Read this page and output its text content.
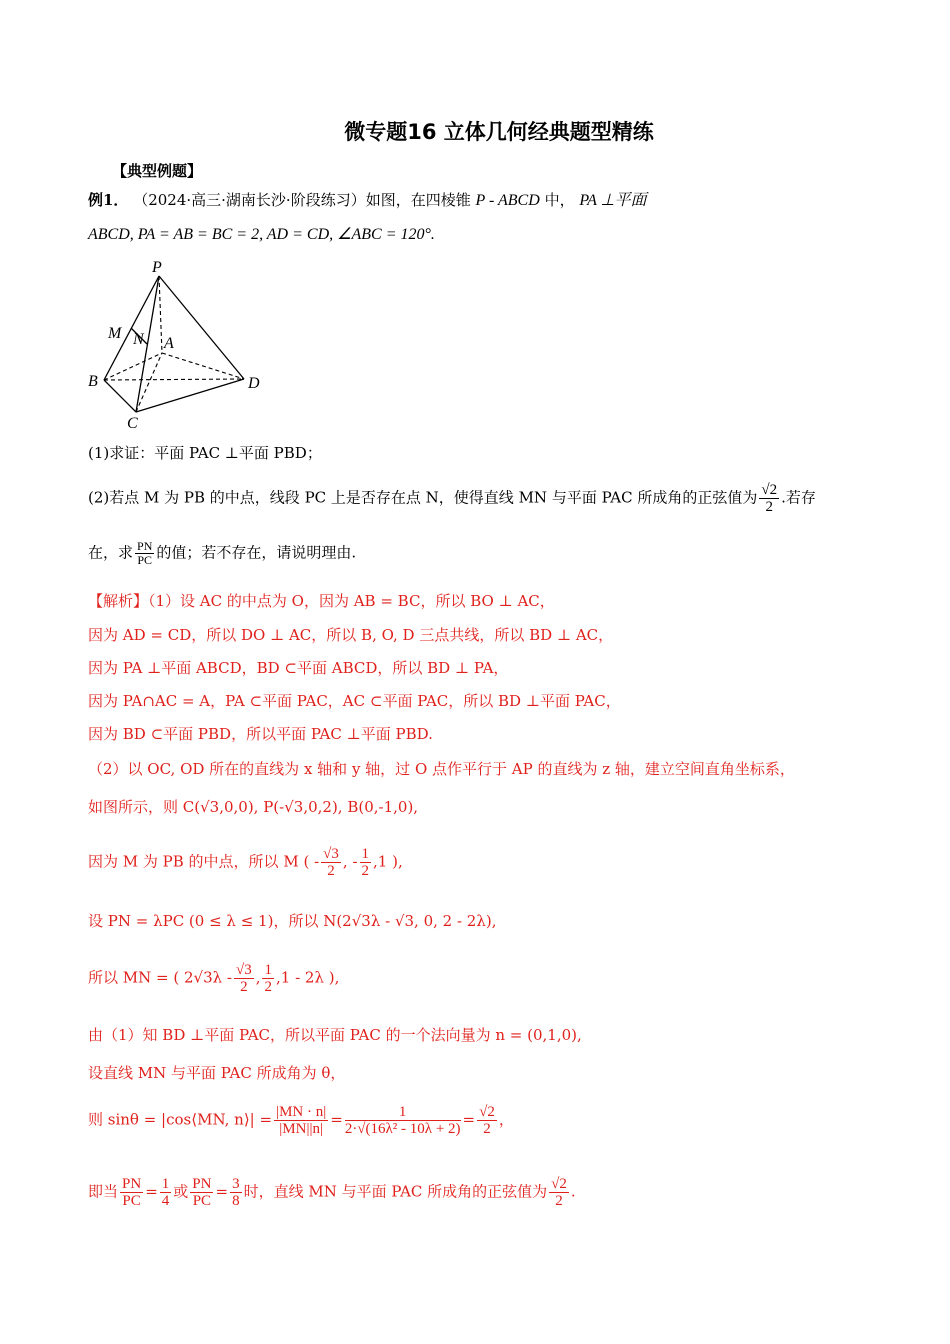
微专题16 立体几何经典题型精练
【典型例题】
例1． （2024·高三·湖南长沙·阶段练习）如图，在四棱锥 P - ABCD 中， PA ⊥平面
ABCD, PA = AB = BC = 2, AD = CD, ∠ABC = 120°.
P
M N A
B
C
D
(1)求证：平面 PAC ⊥平面 PBD；
(2)若点 M 为 PB 的中点，线段 PC 上是否存在点 N，使得直线 MN 与平面 PAC 所成角的正弦值为 $\frac{√2}{2}$ .若存
在，求 $\frac{PN}{PC}$ 的值；若不存在，请说明理由.
【解析】（1）设 AC 的中点为 O，因为 AB = BC，所以 BO ⊥ AC，
因为 AD = CD，所以 DO ⊥ AC，所以 B, O, D 三点共线，所以 BD ⊥ AC，
因为 PA ⊥平面 ABCD，BD ⊂平面 ABCD，所以 BD ⊥ PA，
因为 PA∩AC = A，PA ⊂平面 PAC，AC ⊂平面 PAC，所以 BD ⊥平面 PAC，
因为 BD ⊂平面 PBD，所以平面 PAC ⊥平面 PBD.
（2）以 OC, OD 所在的直线为 x 轴和 y 轴，过 O 点作平行于 AP 的直线为 z 轴，建立空间直角坐标系，
如图所示，则 C(√3,0,0), P(-√3,0,2), B(0,-1,0),
因为 M 为 PB 的中点，所以 M ( - $\frac{√3}{2}$ , - $\frac{1}{2} ,1$ ),
设 PN = λPC (0 ≤ λ ≤ 1)，所以 N(2√3λ - √3, 0, 2 - 2λ),
所以 MN = ( $2√3\lambda - \frac{√3}{2}$ , $\frac{1}{2} ,1 - 2\lambda$ ),
由（1）知 BD ⊥平面 PAC，所以平面 PAC 的一个法向量为 n = (0,1,0),
设直线 MN 与平面 PAC 所成角为 θ，
则 sinθ = |cos⟨MN, n⟩| = $\frac{|MN \cdot n|}{|MN||n|} = \frac{1}{\text{2·√(16λ² - 10λ + 2)}} = \frac{√2}{2}$ ，
即当 $\frac{PN}{PC} = \frac{1}{4}$ 或 $\frac{PN}{PC} = \frac{3}{8}$ 时，直线 MN 与平面 PAC 所成角的正弦值为 $\frac{√2}{2}$ .
